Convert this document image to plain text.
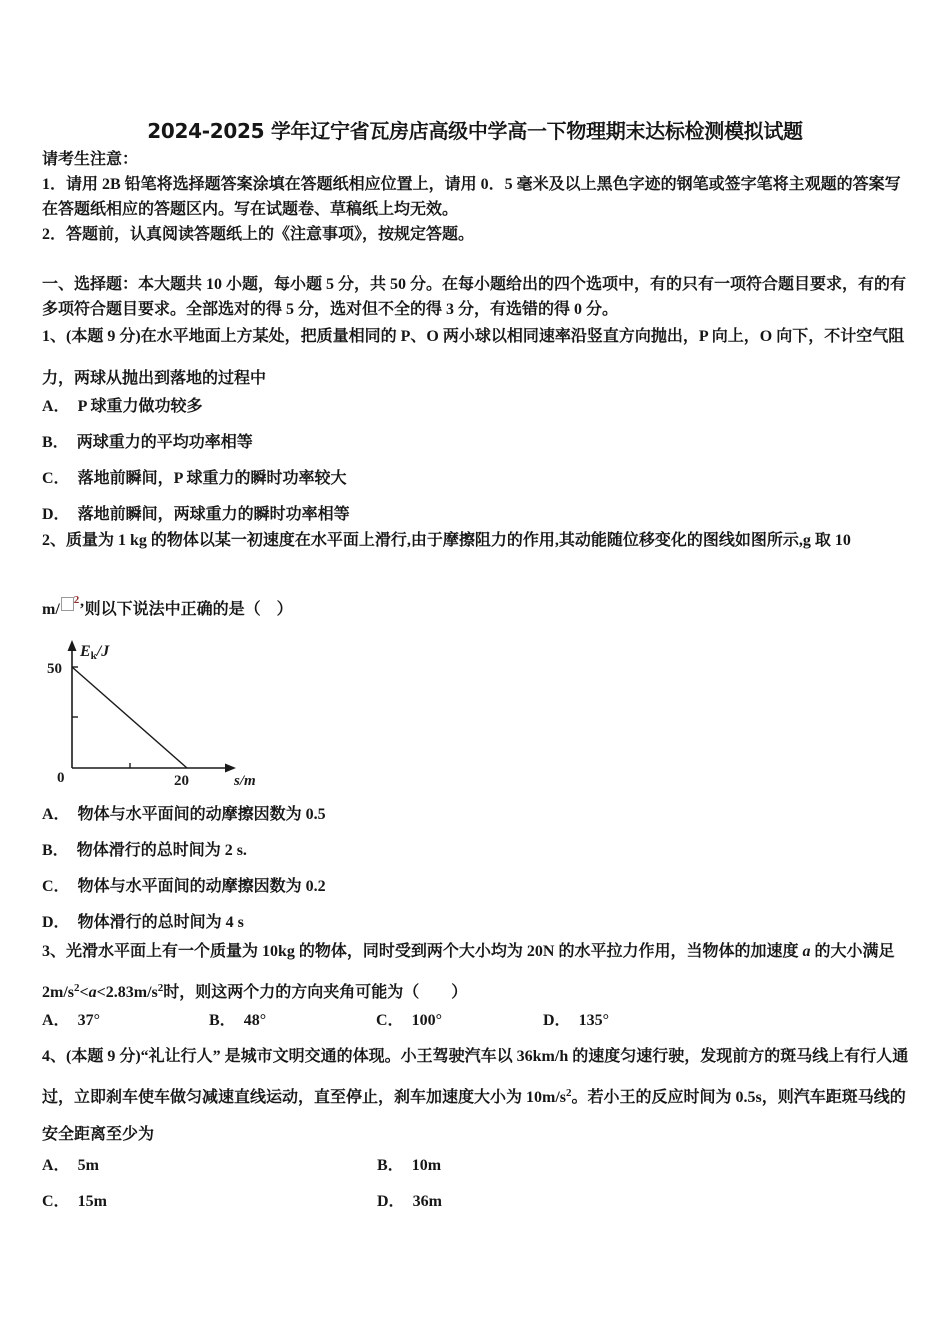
2024-2025 学年辽宁省瓦房店高级中学高一下物理期末达标检测模拟试题

请考生注意：

1．请用 2B 铅笔将选择题答案涂填在答题纸相应位置上，请用 0．5 毫米及以上黑色字迹的钢笔或签字笔将主观题的答案写在答题纸相应的答题区内。写在试题卷、草稿纸上均无效。

2．答题前，认真阅读答题纸上的《注意事项》，按规定答题。

一、选择题：本大题共 10 小题，每小题 5 分，共 50 分。在每小题给出的四个选项中，有的只有一项符合题目要求，有的有多项符合题目要求。全部选对的得 5 分，选对但不全的得 3 分，有选错的得 0 分。
1、(本题 9 分)在水平地面上方某处，把质量相同的 P、O 两小球以相同速率沿竖直方向抛出，P 向上，O 向下，不计空气阻力，两球从抛出到落地的过程中
A． P 球重力做功较多
B． 两球重力的平均功率相等
C． 落地前瞬间，P 球重力的瞬时功率较大
D． 落地前瞬间，两球重力的瞬时功率相等
2、质量为 1 kg 的物体以某一初速度在水平面上滑行,由于摩擦阻力的作用,其动能随位移变化的图线如图所示,g 取 10
m/$^2$’则以下说法中正确的是（　）
Ek/J
50
0	20	s/m
A． 物体与水平面间的动摩擦因数为 0.5
B． 物体滑行的总时间为 2 s.
C． 物体与水平面间的动摩擦因数为 0.2
D． 物体滑行的总时间为 4 s
3、光滑水平面上有一个质量为 10kg 的物体，同时受到两个大小均为 20N 的水平拉力作用，当物体的加速度 a 的大小满足 $2m/s^2<a<2.83m/s^2$时，则这两个力的方向夹角可能为（　　）
A． 37°	B． 48°	C． 100°	D． 135°
4、(本题 9 分)“礼让行人” 是城市文明交通的体现。小王驾驶汽车以 36km/h 的速度匀速行驶，发现前方的斑马线上有行人通过，立即刹车使车做匀减速直线运动，直至停止，刹车加速度大小为 $10m/s^2$。若小王的反应时间为 0.5s，则汽车距斑马线的安全距离至少为
A． 5m	B． 10m
C． 15m	D． 36m
